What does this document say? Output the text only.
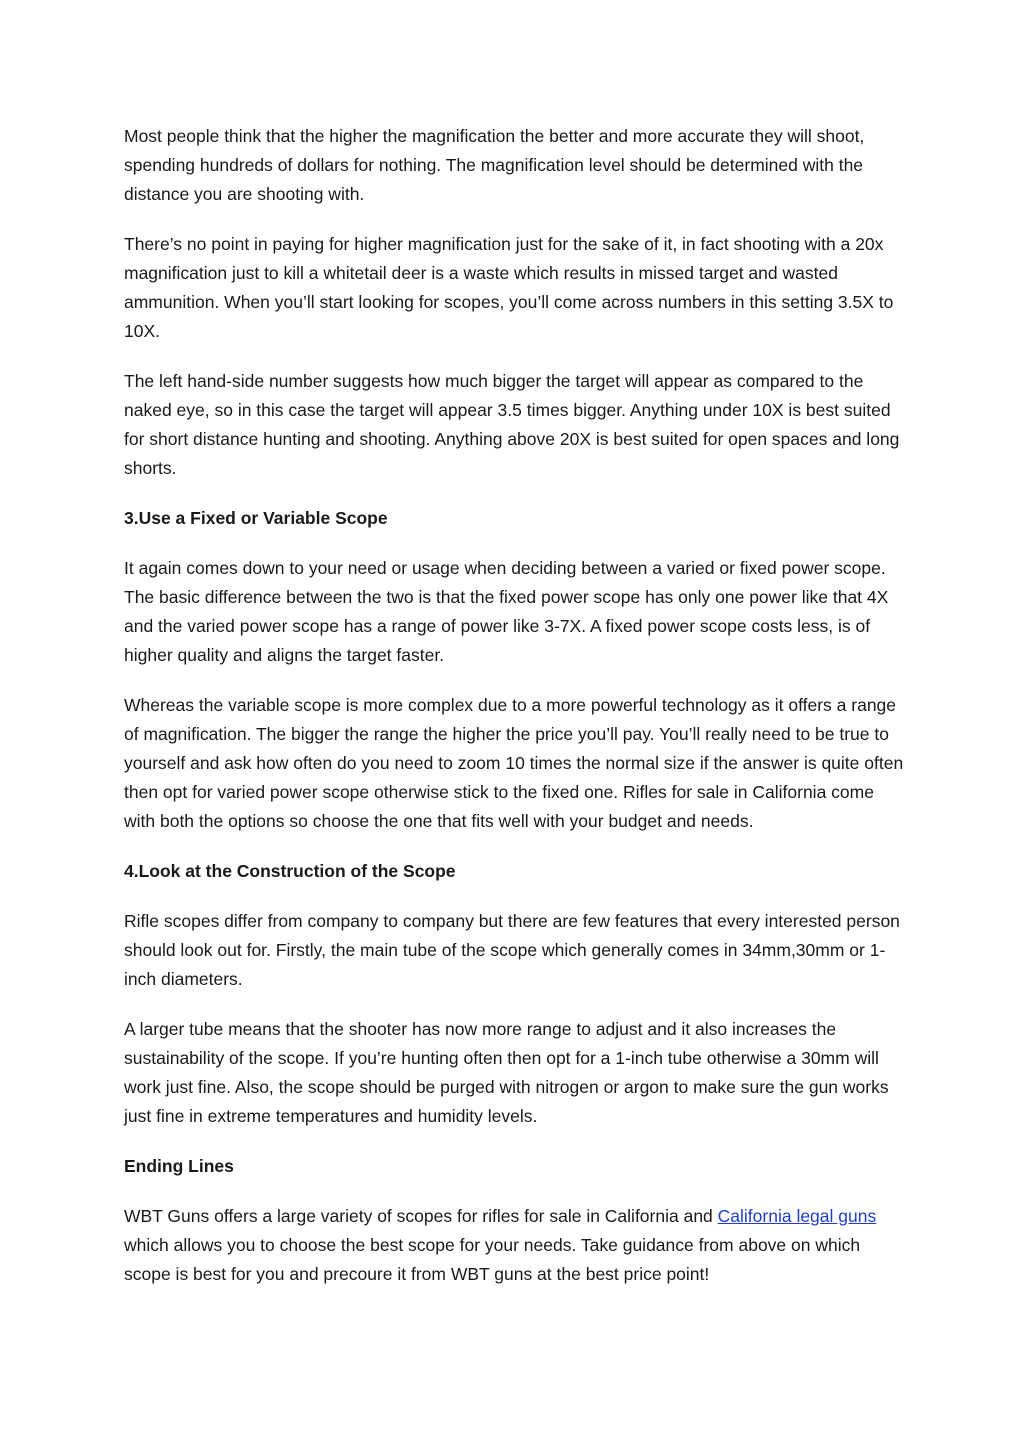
Most people think that the higher the magnification the better and more accurate they will shoot, spending hundreds of dollars for nothing. The magnification level should be determined with the distance you are shooting with.

There’s no point in paying for higher magnification just for the sake of it, in fact shooting with a 20x magnification just to kill a whitetail deer is a waste which results in missed target and wasted ammunition. When you’ll start looking for scopes, you’ll come across numbers in this setting 3.5X to 10X.

The left hand-side number suggests how much bigger the target will appear as compared to the naked eye, so in this case the target will appear 3.5 times bigger. Anything under 10X is best suited for short distance hunting and shooting. Anything above 20X is best suited for open spaces and long shorts.

3.Use a Fixed or Variable Scope

It again comes down to your need or usage when deciding between a varied or fixed power scope. The basic difference between the two is that the fixed power scope has only one power like that 4X and the varied power scope has a range of power like 3-7X. A fixed power scope costs less, is of higher quality and aligns the target faster.

Whereas the variable scope is more complex due to a more powerful technology as it offers a range of magnification. The bigger the range the higher the price you’ll pay. You’ll really need to be true to yourself and ask how often do you need to zoom 10 times the normal size if the answer is quite often then opt for varied power scope otherwise stick to the fixed one. Rifles for sale in California come with both the options so choose the one that fits well with your budget and needs.

4.Look at the Construction of the Scope

Rifle scopes differ from company to company but there are few features that every interested person should look out for. Firstly, the main tube of the scope which generally comes in 34mm,30mm or 1-inch diameters.

A larger tube means that the shooter has now more range to adjust and it also increases the sustainability of the scope. If you’re hunting often then opt for a 1-inch tube otherwise a 30mm will work just fine. Also, the scope should be purged with nitrogen or argon to make sure the gun works just fine in extreme temperatures and humidity levels.

Ending Lines

WBT Guns offers a large variety of scopes for rifles for sale in California and California legal guns which allows you to choose the best scope for your needs. Take guidance from above on which scope is best for you and precoure it from WBT guns at the best price point!
